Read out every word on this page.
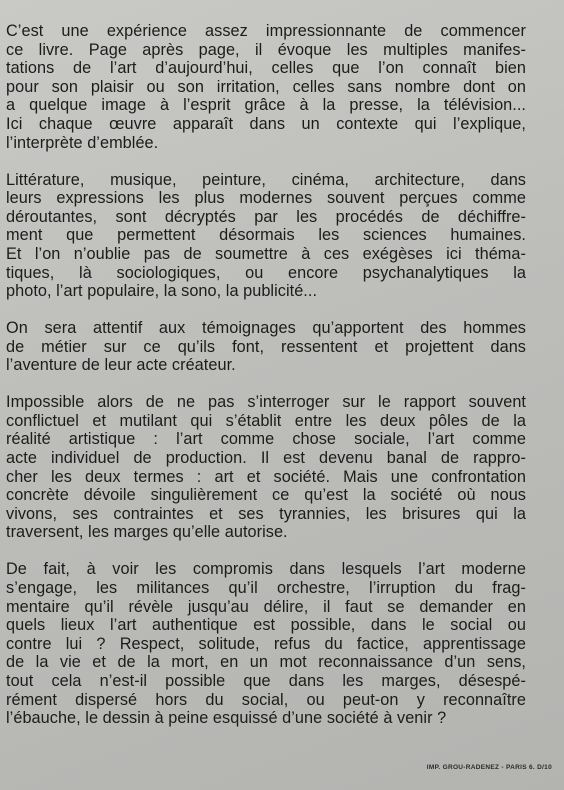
C’est une expérience assez impressionnante de commencer
ce livre. Page après page, il évoque les multiples manifes-
tations de l’art d’aujourd’hui, celles que l’on connaît bien
pour son plaisir ou son irritation, celles sans nombre dont on
a quelque image à l’esprit grâce à la presse, la télévision...
Ici chaque œuvre apparaît dans un contexte qui l’explique,
l’interprète d’emblée.
Littérature, musique, peinture, cinéma, architecture, dans
leurs expressions les plus modernes souvent perçues comme
déroutantes, sont décryptés par les procédés de déchiffre-
ment que permettent désormais les sciences humaines.
Et l’on n’oublie pas de soumettre à ces exégèses ici théma-
tiques, là sociologiques, ou encore psychanalytiques la
photo, l’art populaire, la sono, la publicité...
On sera attentif aux témoignages qu’apportent des hommes
de métier sur ce qu’ils font, ressentent et projettent dans
l’aventure de leur acte créateur.
Impossible alors de ne pas s’interroger sur le rapport souvent
conflictuel et mutilant qui s’établit entre les deux pôles de la
réalité artistique : l’art comme chose sociale, l’art comme
acte individuel de production. Il est devenu banal de rappro-
cher les deux termes : art et société. Mais une confrontation
concrète dévoile singulièrement ce qu’est la société où nous
vivons, ses contraintes et ses tyrannies, les brisures qui la
traversent, les marges qu’elle autorise.
De fait, à voir les compromis dans lesquels l’art moderne
s’engage, les militances qu’il orchestre, l’irruption du frag-
mentaire qu’il révèle jusqu’au délire, il faut se demander en
quels lieux l’art authentique est possible, dans le social ou
contre lui ? Respect, solitude, refus du factice, apprentissage
de la vie et de la mort, en un mot reconnaissance d’un sens,
tout cela n’est-il possible que dans les marges, désespé-
rément dispersé hors du social, ou peut-on y reconnaître
l’ébauche, le dessin à peine esquissé d’une société à venir ?
IMP. GROU-RADENEZ - PARIS 6. D/10
